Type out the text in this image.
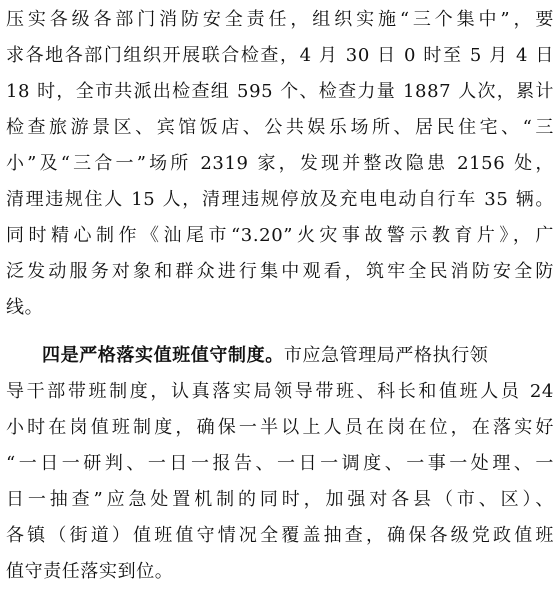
压实各级各部门消防安全责任，组织实施“三个集中”，要
求各地各部门组织开展联合检查，4 月 30 日 0 时至 5 月 4 日
18 时，全市共派出检查组 595 个、检查力量 1887 人次，累计
检查旅游景区、宾馆饭店、公共娱乐场所、居民住宅、“三
小”及“三合一”场所 2319 家，发现并整改隐患 2156 处，
清理违规住人 15 人，清理违规停放及充电电动自行车 35 辆。
同时精心制作《汕尾市“3.20”火灾事故警示教育片》，广
泛发动服务对象和群众进行集中观看，筑牢全民消防安全防
线。
四是严格落实值班值守制度。市应急管理局严格执行领
导干部带班制度，认真落实局领导带班、科长和值班人员 24
小时在岗值班制度，确保一半以上人员在岗在位，在落实好
“一日一研判、一日一报告、一日一调度、一事一处理、一
日一抽查”应急处置机制的同时，加强对各县（市、区）、
各镇（街道）值班值守情况全覆盖抽查，确保各级党政值班
值守责任落实到位。
